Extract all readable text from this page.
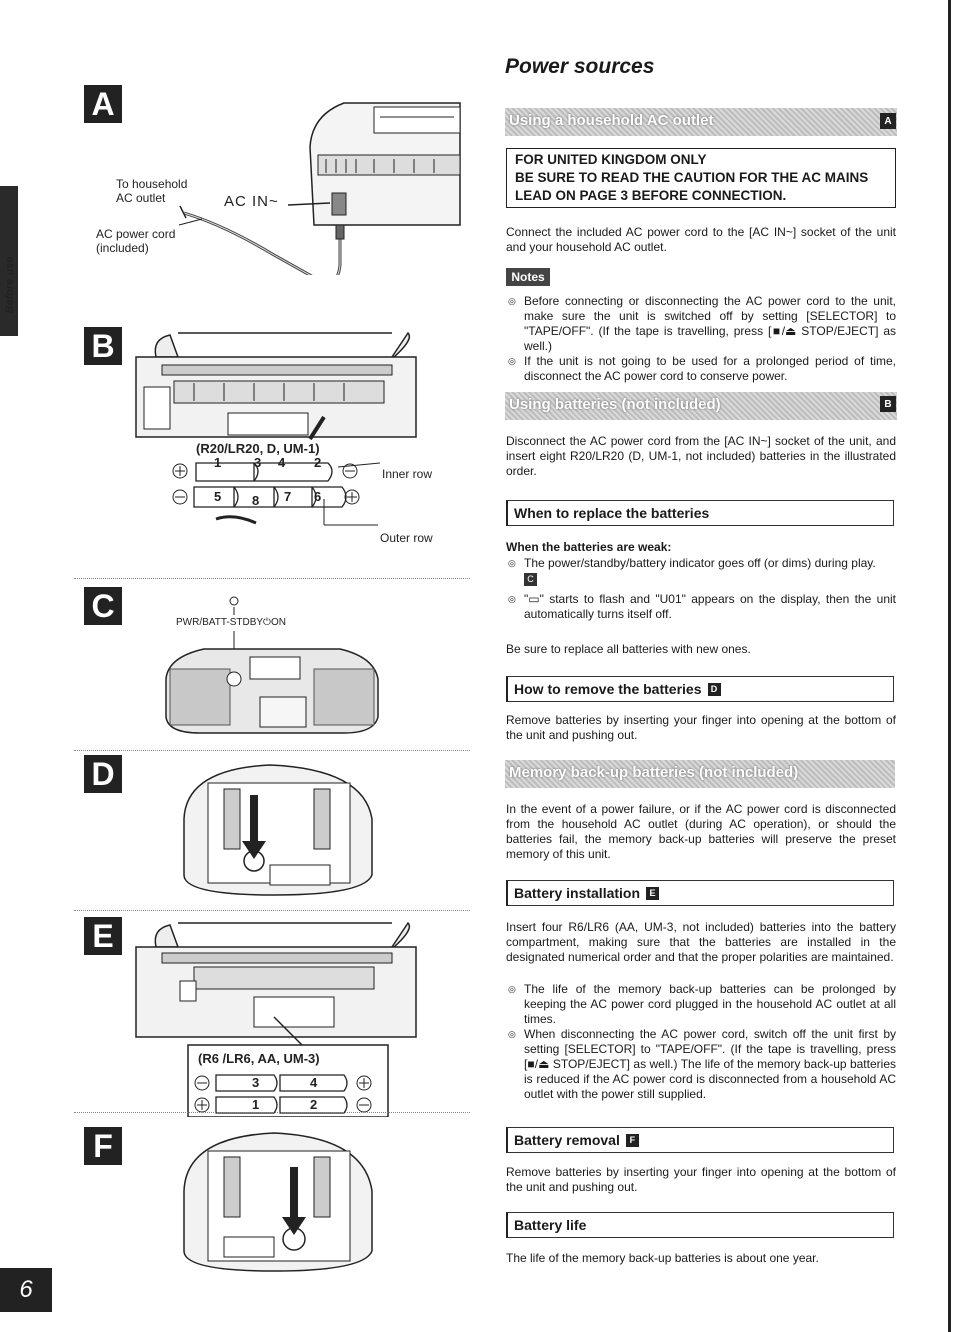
Before use
6
A
To household
AC outlet	AC IN~
AC power cord
(included)
B
(R20/LR20, D, UM-1)
1	3 4 2
5 8 7 6
Inner row
Outer row
C	PWR/BATT-STDBY⏻ON
D
E
(R6 /LR6, AA, UM-3)
3	4
1	2
F
Power sources
Using a household AC outlet	A
FOR UNITED KINGDOM ONLY
BE SURE TO READ THE CAUTION FOR THE AC MAINS
LEAD ON PAGE 3 BEFORE CONNECTION.
Connect the included AC power cord to the [AC IN~] socket of the unit and your household AC outlet.
Notes
◎ Before connecting or disconnecting the AC power cord to the unit, make sure the unit is switched off by setting [SELECTOR] to "TAPE/OFF". (If the tape is travelling, press [■/⏏ STOP/EJECT] as well.)
◎ If the unit is not going to be used for a prolonged period of time, disconnect the AC power cord to conserve power.
Using batteries (not included)	B
Disconnect the AC power cord from the [AC IN~] socket of the unit, and insert eight R20/LR20 (D, UM-1, not included) batteries in the illustrated order.
When to replace the batteries
When the batteries are weak:
◎ The power/standby/battery indicator goes off (or dims) during play.
C
◎ "▭" starts to flash and "U01" appears on the display, then the unit automatically turns itself off.
Be sure to replace all batteries with new ones.
How to remove the batteries	D
Remove batteries by inserting your finger into opening at the bottom of the unit and pushing out.
Memory back-up batteries (not included)
In the event of a power failure, or if the AC power cord is disconnected from the household AC outlet (during AC operation), or should the batteries fail, the memory back-up batteries will preserve the preset memory of this unit.
Battery installation	E
Insert four R6/LR6 (AA, UM-3, not included) batteries into the battery compartment, making sure that the batteries are installed in the designated numerical order and that the proper polarities are maintained.
◎ The life of the memory back-up batteries can be prolonged by keeping the AC power cord plugged in the household AC outlet at all times.
◎ When disconnecting the AC power cord, switch off the unit first by setting [SELECTOR] to "TAPE/OFF". (If the tape is travelling, press [■/⏏ STOP/EJECT] as well.) The life of the memory back-up batteries is reduced if the AC power cord is disconnected from a household AC outlet with the power still supplied.
Battery removal	F
Remove batteries by inserting your finger into opening at the bottom of the unit and pushing out.
Battery life
The life of the memory back-up batteries is about one year.
